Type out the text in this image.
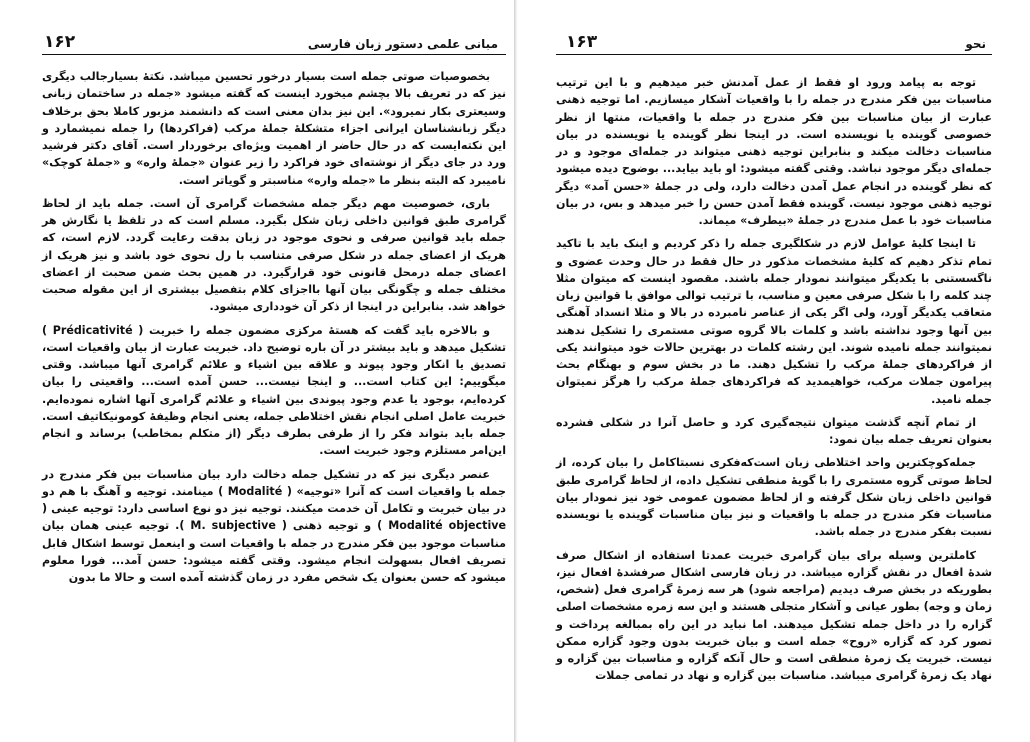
۱۶۲	مبانی علمی دستور زبان فارسی

بخصوصیات صوتی جمله است بسیار درخور تحسین میباشد. نکتهٔ بسیارجالب دیگری نیز که در تعریف بالا بچشم میخورد اینست که گفته میشود «جمله در ساختمان زبانی وسیعتری بکار نمیرود». این نیز بدان معنی است که دانشمند مزبور کاملا بحق برخلاف دیگر زبانشناسان ایرانی اجزاء متشکلهٔ جملهٔ مرکب (فراکردها) را جمله نمیشمارد و این نکته‌ایست که در حال حاضر از اهمیت ویژه‌ای برخوردار است. آقای دکتر فرشید ورد در جای دیگر از نوشته‌ای خود فراکرد را زیر عنوان «جملهٔ واره» و «جملهٔ کوچک» نامیبرد که البته بنظر ما «جمله واره» مناسبتر و گویاتر است.

باری، خصوصیت مهم دیگر جمله مشخصات گرامری آن است. جمله باید از لحاظ گرامری طبق قوانین داخلی زبان شکل بگیرد. مسلم است که در تلفظ یا نگارش هر جمله باید قوانین صرفی و نحوی موجود در زبان بدقت رعایت گردد. لازم است، که هریک از اعضای جمله در شکل صرفی متناسب با رل نحوی خود باشد و نیز هریک از اعضای جمله درمحل قانونی خود قرارگیرد. در همین بحث ضمن صحبت از اعضای مختلف جمله و چگونگی بیان آنها بااجزای کلام بتفصیل بیشتری از این مقوله صحبت خواهد شد. بنابراین در اینجا از ذکر آن خودداری میشود.

و بالاخره باید گفت که هستهٔ مرکزی مضمون جمله را خبریت ( Prédicativité ) تشکیل میدهد و باید بیشتر در آن باره توضیح داد. خبریت عبارت از بیان واقعیات است، تصدیق یا انکار وجود پیوند و علاقه بین اشیاء و علائم گرامری آنها میباشد. وقتی میگوییم: این کتاب است... و اینجا نیست... حسن آمده است... واقعیتی را بیان کرده‌ایم، بوجود یا عدم وجود پیوندی بین اشیاء و علائم گرامری آنها اشاره نموده‌ایم. خبریت عامل اصلی انجام نقش اختلاطی جمله، یعنی انجام وظیفهٔ کومونیکاتیف است. جمله باید بتواند فکر را از طرفی بطرف دیگر (از متکلم بمخاطب) برساند و انجام این‌امر مستلزم وجود خبریت است.

عنصر دیگری نیز که در تشکیل جمله دخالت دارد بیان مناسبات بین فکر مندرج در جمله با واقعیات است که آنرا «توجیه» ( Modalité ) مینامند. توجیه و آهنگ با هم دو در بیان خبریت و تکامل آن خدمت میکنند. توجیه نیز دو نوع اساسی دارد: توجیه عینی ( Modalité objective ) و توجیه ذهنی ( M. subjective ). توجیه عینی همان بیان مناسبات موجود بین فکر مندرج در جمله با واقعیات است و اینعمل توسط اشکال قابل تصریف افعال بسهولت انجام میشود. وقتی گفته میشود: حسن آمد... فورا معلوم میشود که حسن بعنوان یک شخص مفرد در زمان گذشته آمده است و حالا ما بدون

۱۶۳	نحو

توجه به پیامد ورود او فقط از عمل آمدنش خبر میدهیم و با این ترتیب مناسبات بین فکر مندرج در جمله را با واقعیات آشکار میسازیم. اما توجیه ذهنی عبارت از بیان مناسبات بین فکر مندرج در جمله با واقعیات، منتها از نظر خصوصی گوینده یا نویسنده است. در اینجا نظر گوینده یا نویسنده در بیان مناسبات دخالت میکند و بنابراین توجیه ذهنی میتواند در جمله‌ای موجود و در جمله‌ای دیگر موجود نباشد. وقتی گفته میشود: او باید بیاید... بوضوح دیده میشود که نظر گوینده در انجام عمل آمدن دخالت دارد، ولی در جملهٔ «حسن آمد» دیگر توجیه ذهنی موجود نیست. گوینده فقط آمدن حسن را خبر میدهد و بس، در بیان مناسبات خود با عمل مندرج در جملهٔ «بیطرف» میماند.

تا اینجا کلیهٔ عوامل لازم در شکلگیری جمله را ذکر کردیم و اینک باید با تاکید تمام تذکر دهیم که کلیهٔ مشخصات مذکور در حال فقط در حال وحدت عضوی و ناگسستنی با یکدیگر میتوانند نمودار جمله باشند. مقصود اینست که میتوان مثلا چند کلمه را با شکل صرفی معین و مناسب، با ترتیب توالی موافق با قوانین زبان متعاقب یکدیگر آورد، ولی اگر یکی از عناصر نامبرده در بالا و مثلا انسداد آهنگی بین آنها وجود نداشته باشد و کلمات بالا گروه صوتی مستمری را تشکیل ندهند نمیتوانند جمله نامیده شوند. این رشته کلمات در بهترین حالات خود میتوانند یکی از فراکردهای جملهٔ مرکب را تشکیل دهند. ما در بخش سوم و بهنگام بحث پیرامون جملات مرکب، خواهیمدید که فراکردهای جملهٔ مرکب را هرگز نمیتوان جمله نامید.

از تمام آنچه گذشت میتوان نتیجه‌گیری کرد و حاصل آنرا در شکلی فشرده بعنوان تعریف جمله بیان نمود:

جمله‌کوچکترین واحد اختلاطی زبان است‌که‌فکری نسبتاکامل را بیان کرده، از لحاظ صوتی گروه مستمری را با گویهٔ منطقی تشکیل داده، از لحاظ گرامری طبق قوانین داخلی زبان شکل گرفته و از لحاظ مضمون عمومی خود نیز نمودار بیان مناسبات فکر مندرج در جمله با واقعیات و نیز بیان مناسبات گوینده یا نویسنده نسبت بفکر مندرج در جمله باشد.

کاملترین وسیله برای بیان گرامری خبریت عمدتا استفاده از اشکال صرف شدهٔ افعال در نقش گزاره میباشد. در زبان فارسی اشکال صرفشدهٔ افعال نیز، بطوریکه در بخش صرف دیدیم (مراجعه شود) هر سه زمرهٔ گرامری فعل (شخص، زمان و وجه) بطور عیانی و آشکار متجلی هستند و این سه زمره مشخصات اصلی گزاره را در داخل جمله تشکیل میدهند. اما نباید در این راه بمبالغه پرداخت و تصور کرد که گزاره «روح» جمله است و بیان خبریت بدون وجود گزاره ممکن نیست. خبریت یک زمرهٔ منطقی است و حال آنکه گزاره و مناسبات بین گزاره و نهاد یک زمرهٔ گرامری میباشد. مناسبات بین گزاره و نهاد در تمامی جملات
